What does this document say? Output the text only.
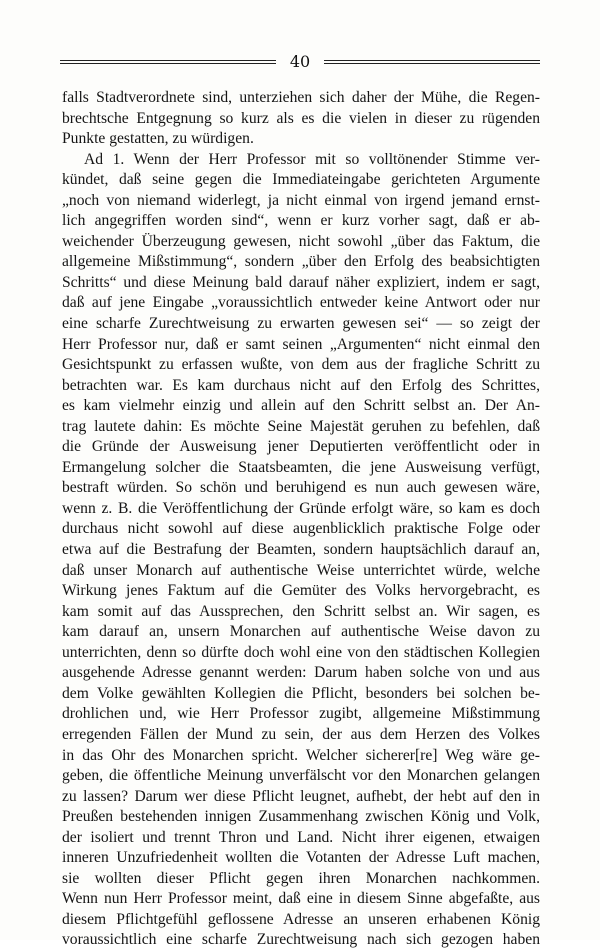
40
falls Stadtverordnete sind, unterziehen sich daher der Mühe, die Regen-
brechtsche Entgegnung so kurz als es die vielen in dieser zu rügenden
Punkte gestatten, zu würdigen.
Ad 1. Wenn der Herr Professor mit so volltönender Stimme ver-
kündet, daß seine gegen die Immediateingabe gerichteten Argumente
„noch von niemand widerlegt, ja nicht einmal von irgend jemand ernst-
lich angegriffen worden sind“, wenn er kurz vorher sagt, daß er ab-
weichender Überzeugung gewesen, nicht sowohl „über das Faktum, die
allgemeine Mißstimmung“, sondern „über den Erfolg des beabsichtigten
Schritts“ und diese Meinung bald darauf näher expliziert, indem er sagt,
daß auf jene Eingabe „voraussichtlich entweder keine Antwort oder nur
eine scharfe Zurechtweisung zu erwarten gewesen sei“ — so zeigt der
Herr Professor nur, daß er samt seinen „Argumenten“ nicht einmal den
Gesichtspunkt zu erfassen wußte, von dem aus der fragliche Schritt zu
betrachten war. Es kam durchaus nicht auf den Erfolg des Schrittes,
es kam vielmehr einzig und allein auf den Schritt selbst an. Der An-
trag lautete dahin: Es möchte Seine Majestät geruhen zu befehlen, daß
die Gründe der Ausweisung jener Deputierten veröffentlicht oder in
Ermangelung solcher die Staatsbeamten, die jene Ausweisung verfügt,
bestraft würden. So schön und beruhigend es nun auch gewesen wäre,
wenn z. B. die Veröffentlichung der Gründe erfolgt wäre, so kam es doch
durchaus nicht sowohl auf diese augenblicklich praktische Folge oder
etwa auf die Bestrafung der Beamten, sondern hauptsächlich darauf an,
daß unser Monarch auf authentische Weise unterrichtet würde, welche
Wirkung jenes Faktum auf die Gemüter des Volks hervorgebracht, es
kam somit auf das Aussprechen, den Schritt selbst an. Wir sagen, es
kam darauf an, unsern Monarchen auf authentische Weise davon zu
unterrichten, denn so dürfte doch wohl eine von den städtischen Kollegien
ausgehende Adresse genannt werden: Darum haben solche von und aus
dem Volke gewählten Kollegien die Pflicht, besonders bei solchen be-
drohlichen und, wie Herr Professor zugibt, allgemeine Mißstimmung
erregenden Fällen der Mund zu sein, der aus dem Herzen des Volkes
in das Ohr des Monarchen spricht. Welcher sicherer[re] Weg wäre ge-
geben, die öffentliche Meinung unverfälscht vor den Monarchen gelangen
zu lassen? Darum wer diese Pflicht leugnet, aufhebt, der hebt auf den in
Preußen bestehenden innigen Zusammenhang zwischen König und Volk,
der isoliert und trennt Thron und Land. Nicht ihrer eigenen, etwaigen
inneren Unzufriedenheit wollten die Votanten der Adresse Luft machen,
sie wollten dieser Pflicht gegen ihren Monarchen nachkommen.
Wenn nun Herr Professor meint, daß eine in diesem Sinne abgefaßte, aus
diesem Pflichtgefühl geflossene Adresse an unseren erhabenen König
voraussichtlich eine scharfe Zurechtweisung nach sich gezogen haben
